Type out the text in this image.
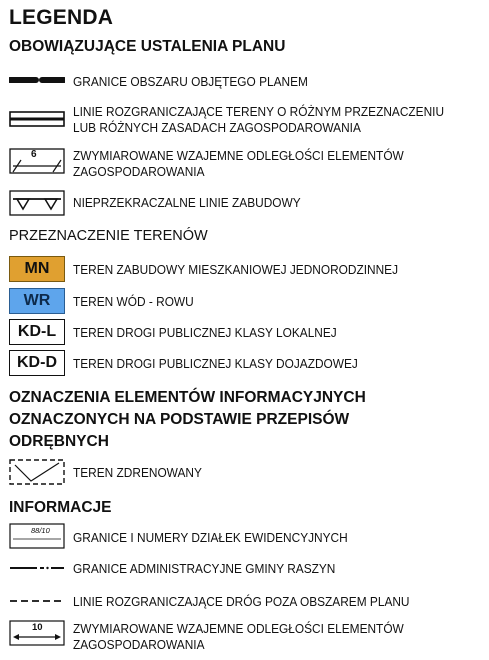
LEGENDA
OBOWIĄZUJĄCE USTALENIA PLANU
GRANICE OBSZARU OBJĘTEGO PLANEM
LINIE ROZGRANICZAJĄCE TERENY O RÓŻNYM PRZEZNACZENIU
LUB RÓŻNYCH ZASADACH ZAGOSPODAROWANIA
6	ZWYMIAROWANE WZAJEMNE ODLEGŁOŚCI ELEMENTÓW
ZAGOSPODAROWANIA
NIEPRZEKRACZALNE LINIE ZABUDOWY
PRZEZNACZENIE TERENÓW
MN	TEREN ZABUDOWY MIESZKANIOWEJ JEDNORODZINNEJ
WR	TEREN WÓD - ROWU
KD-L	TEREN DROGI PUBLICZNEJ KLASY LOKALNEJ
KD-D	TEREN DROGI PUBLICZNEJ KLASY DOJAZDOWEJ
OZNACZENIA ELEMENTÓW INFORMACYJNYCH
OZNACZONYCH NA PODSTAWIE PRZEPISÓW
ODRĘBNYCH
TEREN ZDRENOWANY
INFORMACJE
88/10
GRANICE I NUMERY DZIAŁEK EWIDENCYJNYCH
GRANICE ADMINISTRACYJNE GMINY RASZYN
LINIE ROZGRANICZAJĄCE DRÓG POZA OBSZAREM PLANU
10 ZWYMIAROWANE WZAJEMNE ODLEGŁOŚCI ELEMENTÓW
ZAGOSPODAROWANIA
